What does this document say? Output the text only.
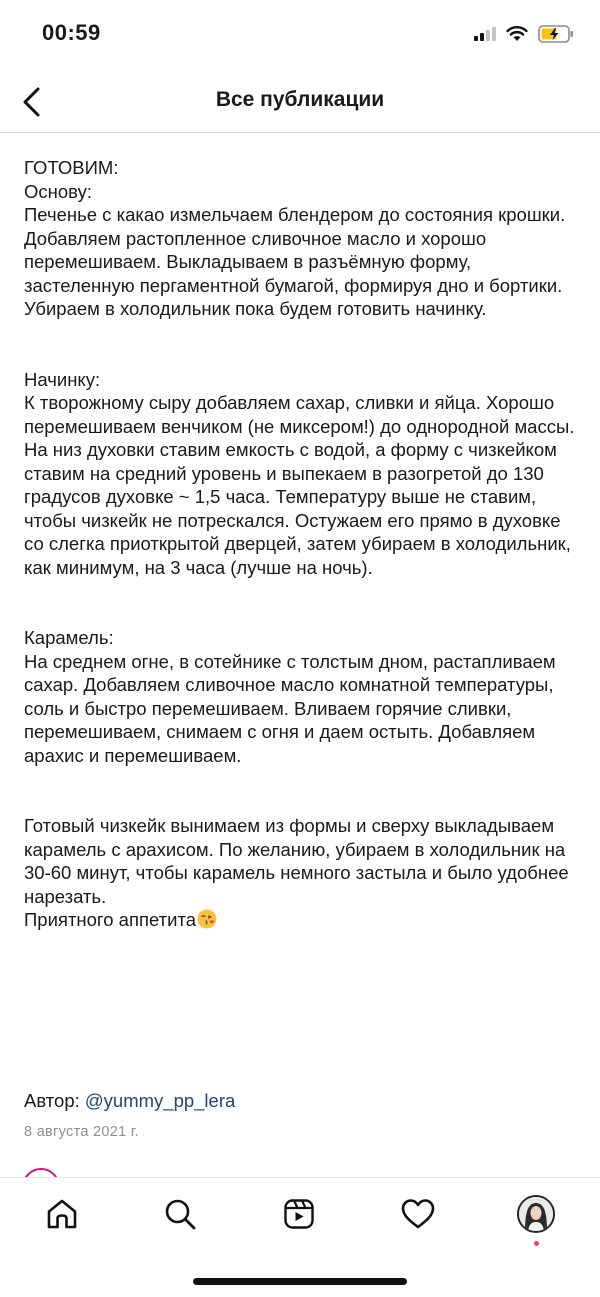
00:59
Все публикации

ГОТОВИМ:

Основу:

Печенье с какао измельчаем блендером до состояния крошки. Добавляем растопленное сливочное масло и хорошо перемешиваем. Выкладываем в разъёмную форму, застеленную пергаментной бумагой, формируя дно и бортики. Убираем в холодильник пока будем готовить начинку.

Начинку:

К творожному сыру добавляем сахар, сливки и яйца. Хорошо перемешиваем венчиком (не миксером!) до однородной массы.

На низ духовки ставим емкость с водой, а форму с чизкейком ставим на средний уровень и выпекаем в разогретой до 130 градусов духовке ~ 1,5 часа. Температуру выше не ставим, чтобы чизкейк не потрескался. Остужаем его прямо в духовке со слегка приоткрытой дверцей, затем убираем в холодильник, как минимум, на 3 часа (лучше на ночь).

Карамель:

На среднем огне, в сотейнике с толстым дном, растапливаем сахар. Добавляем сливочное масло комнатной температуры, соль и быстро перемешиваем. Вливаем горячие сливки, перемешиваем, снимаем с огня и даем остыть. Добавляем арахис и перемешиваем.

Готовый чизкейк вынимаем из формы и сверху выкладываем карамель с арахисом. По желанию, убираем в холодильник на 30-60 минут, чтобы карамель немного застыла и было удобнее нарезать.

Приятного аппетита

Автор: @yummy_pp_lera
8 августа 2021 г.
